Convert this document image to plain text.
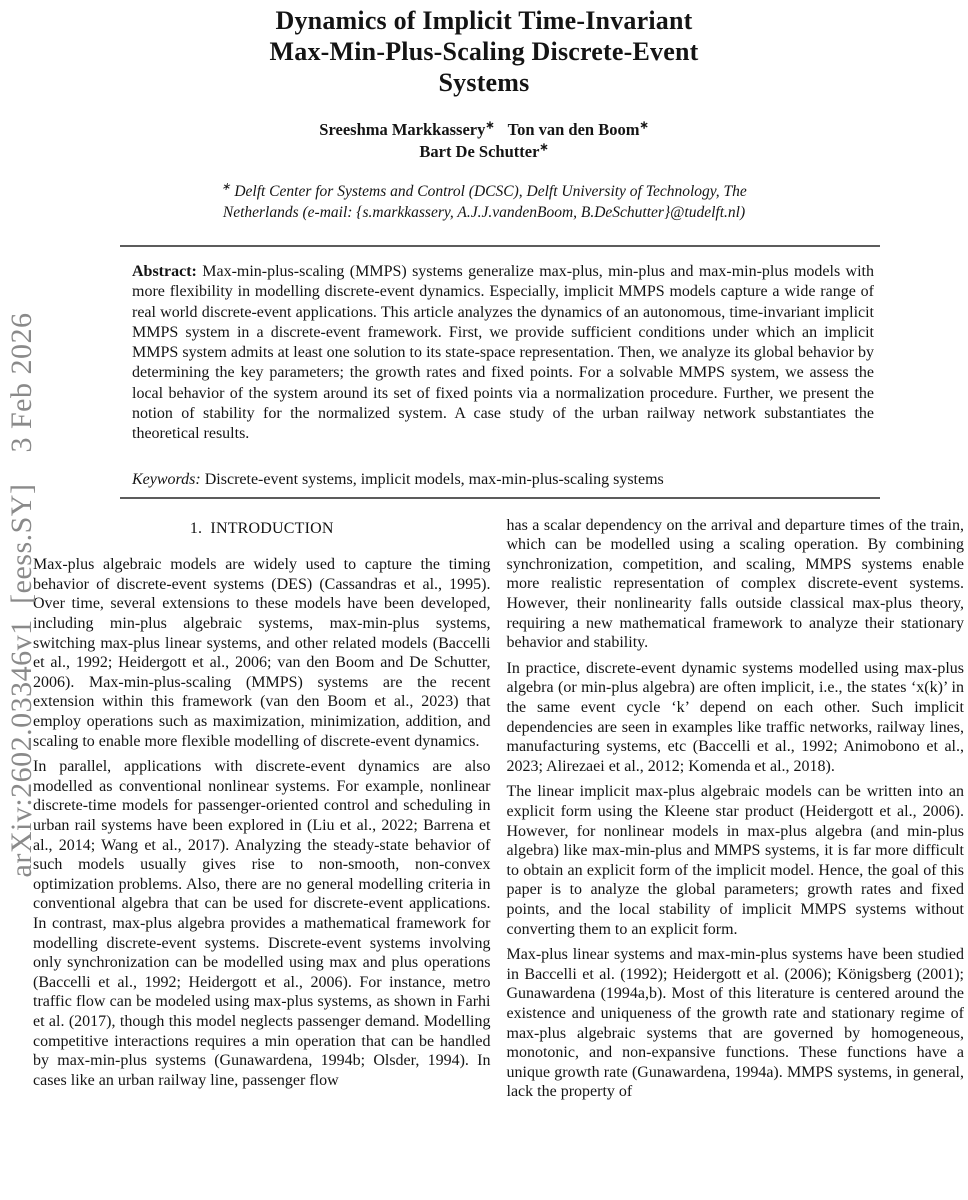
arXiv:2602.03346v1 [eess.SY]  3 Feb 2026
Dynamics of Implicit Time-Invariant
Max-Min-Plus-Scaling Discrete-Event
Systems
Sreeshma Markkassery∗ Ton van den Boom∗
Bart De Schutter∗
∗ Delft Center for Systems and Control (DCSC), Delft University of Technology, The Netherlands (e-mail: {s.markkassery, A.J.J.vandenBoom, B.DeSchutter}@tudelft.nl)
Abstract: Max-min-plus-scaling (MMPS) systems generalize max-plus, min-plus and max-min-plus models with more flexibility in modelling discrete-event dynamics. Especially, implicit MMPS models capture a wide range of real world discrete-event applications. This article analyzes the dynamics of an autonomous, time-invariant implicit MMPS system in a discrete-event framework. First, we provide sufficient conditions under which an implicit MMPS system admits at least one solution to its state-space representation. Then, we analyze its global behavior by determining the key parameters; the growth rates and fixed points. For a solvable MMPS system, we assess the local behavior of the system around its set of fixed points via a normalization procedure. Further, we present the notion of stability for the normalized system. A case study of the urban railway network substantiates the theoretical results.
Keywords: Discrete-event systems, implicit models, max-min-plus-scaling systems
1. INTRODUCTION

Max-plus algebraic models are widely used to capture the timing behavior of discrete-event systems (DES) (Cassandras et al., 1995). Over time, several extensions to these models have been developed, including min-plus algebraic systems, max-min-plus systems, switching max-plus linear systems, and other related models (Baccelli et al., 1992; Heidergott et al., 2006; van den Boom and De Schutter, 2006). Max-min-plus-scaling (MMPS) systems are the recent extension within this framework (van den Boom et al., 2023) that employ operations such as maximization, minimization, addition, and scaling to enable more flexible modelling of discrete-event dynamics.

In parallel, applications with discrete-event dynamics are also modelled as conventional nonlinear systems. For example, nonlinear discrete-time models for passenger-oriented control and scheduling in urban rail systems have been explored in (Liu et al., 2022; Barrena et al., 2014; Wang et al., 2017). Analyzing the steady-state behavior of such models usually gives rise to non-smooth, non-convex optimization problems. Also, there are no general modelling criteria in conventional algebra that can be used for discrete-event applications. In contrast, max-plus algebra provides a mathematical framework for modelling discrete-event systems. Discrete-event systems involving only synchronization can be modelled using max and plus operations (Baccelli et al., 1992; Heidergott et al., 2006). For instance, metro traffic flow can be modeled using max-plus systems, as shown in Farhi et al. (2017), though this model neglects passenger demand. Modelling competitive interactions requires a min operation that can be handled by max-min-plus systems (Gunawardena, 1994b; Olsder, 1994). In cases like an urban railway line, passenger flow

has a scalar dependency on the arrival and departure times of the train, which can be modelled using a scaling operation. By combining synchronization, competition, and scaling, MMPS systems enable more realistic representation of complex discrete-event systems. However, their nonlinearity falls outside classical max-plus theory, requiring a new mathematical framework to analyze their stationary behavior and stability.

In practice, discrete-event dynamic systems modelled using max-plus algebra (or min-plus algebra) are often implicit, i.e., the states ‘x(k)’ in the same event cycle ‘k’ depend on each other. Such implicit dependencies are seen in examples like traffic networks, railway lines, manufacturing systems, etc (Baccelli et al., 1992; Animobono et al., 2023; Alirezaei et al., 2012; Komenda et al., 2018).

The linear implicit max-plus algebraic models can be written into an explicit form using the Kleene star product (Heidergott et al., 2006). However, for nonlinear models in max-plus algebra (and min-plus algebra) like max-min-plus and MMPS systems, it is far more difficult to obtain an explicit form of the implicit model. Hence, the goal of this paper is to analyze the global parameters; growth rates and fixed points, and the local stability of implicit MMPS systems without converting them to an explicit form.

Max-plus linear systems and max-min-plus systems have been studied in Baccelli et al. (1992); Heidergott et al. (2006); Königsberg (2001); Gunawardena (1994a,b). Most of this literature is centered around the existence and uniqueness of the growth rate and stationary regime of max-plus algebraic systems that are governed by homogeneous, monotonic, and non-expansive functions. These functions have a unique growth rate (Gunawardena, 1994a). MMPS systems, in general, lack the property of
